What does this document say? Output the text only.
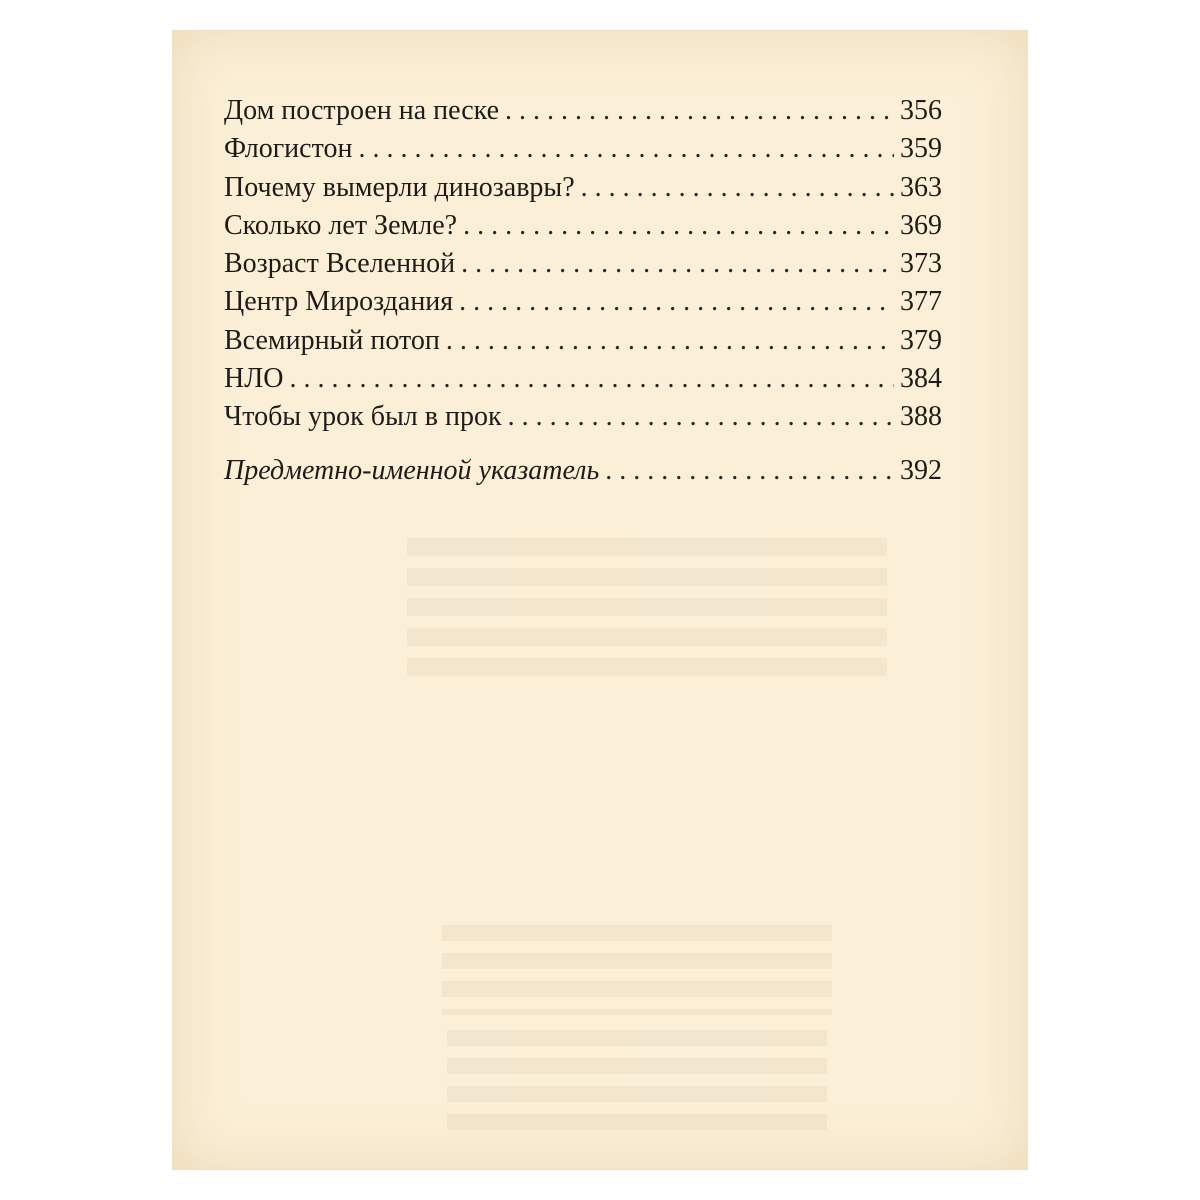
Дом построен на песке . . .	356
Флогистон . . .	359
Почему вымерли динозавры? . . .	363
Сколько лет Земле? . . .	369
Возраст Вселенной . . .	373
Центр Мироздания . . .	377
Всемирный потоп . . .	379
НЛО . . .	384
Чтобы урок был в прок . . .	388
Предметно-именной указатель . . .	392
